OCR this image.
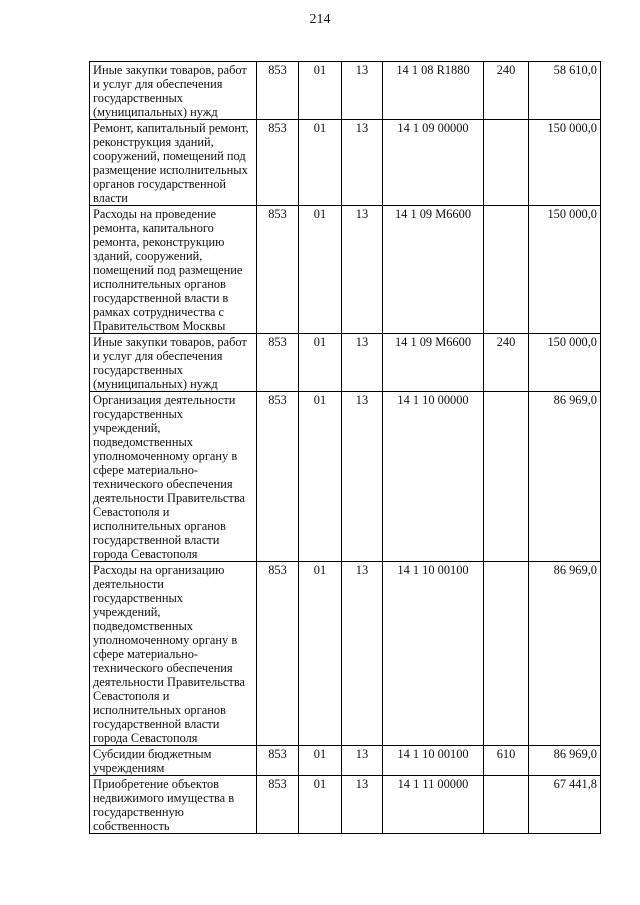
214
Иные закупки товаров, работ и услуг для обеспечения государственных (муниципальных) нужд	853	01	13	14 1 08 R1880	240	58 610,0
Ремонт, капитальный ремонт, реконструкция зданий, сооружений, помещений под размещение исполнительных органов государственной власти	853	01	13	14 1 09 00000		150 000,0
Расходы на проведение ремонта, капитального ремонта, реконструкцию зданий, сооружений, помещений под размещение исполнительных органов государственной власти в рамках сотрудничества с Правительством Москвы	853	01	13	14 1 09 М6600		150 000,0
Иные закупки товаров, работ и услуг для обеспечения государственных (муниципальных) нужд	853	01	13	14 1 09 М6600	240	150 000,0
Организация деятельности государственных учреждений, подведомственных уполномоченному органу в сфере материально-технического обеспечения деятельности Правительства Севастополя и исполнительных органов государственной власти города Севастополя	853	01	13	14 1 10 00000		86 969,0
Расходы на организацию деятельности государственных учреждений, подведомственных уполномоченному органу в сфере материально-технического обеспечения деятельности Правительства Севастополя и исполнительных органов государственной власти города Севастополя	853	01	13	14 1 10 00100		86 969,0
Субсидии бюджетным учреждениям	853	01	13	14 1 10 00100	610	86 969,0
Приобретение объектов недвижимого имущества в государственную собственность	853	01	13	14 1 11 00000		67 441,8
